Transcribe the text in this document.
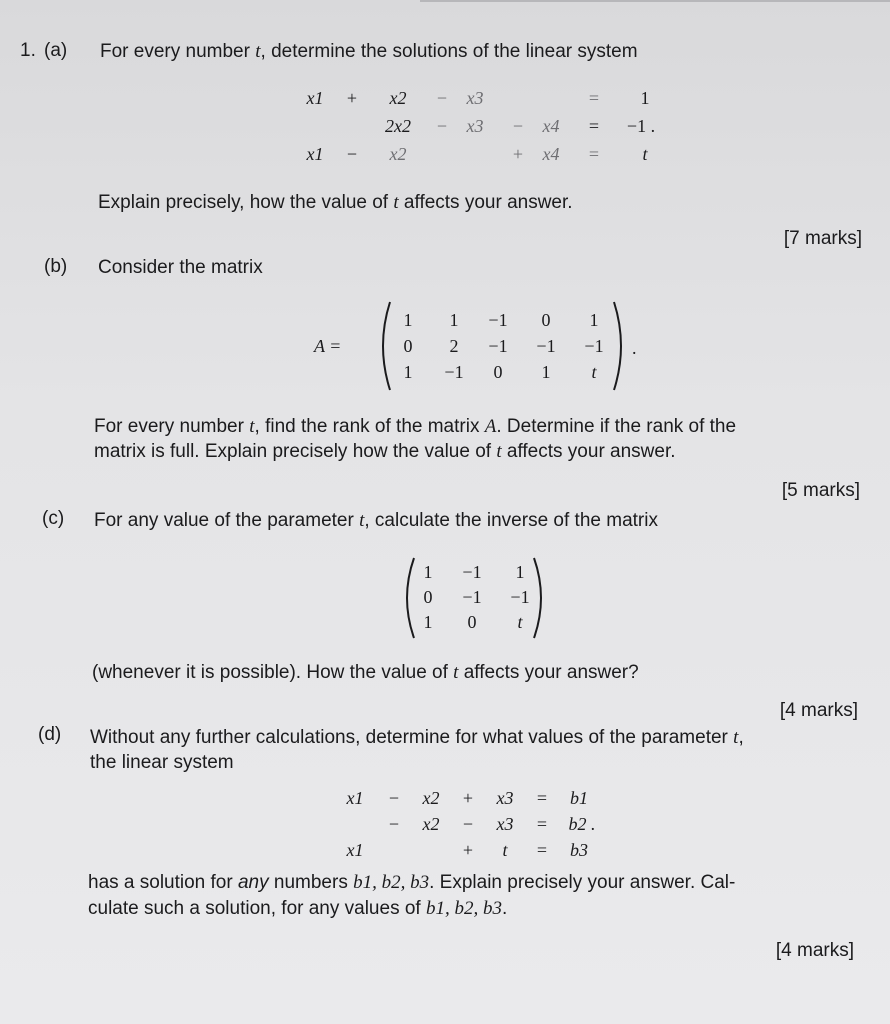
1. (a) For every number t, determine the solutions of the linear system
x1	+	x2	−	x3	=	1
2x2	−	x3	−	x4	=	−1 .
x1	−	x2	+	x4	=	t
Explain precisely, how the value of t affects your answer.
[7 marks]
(b) Consider the matrix
A =
1	1	−1	0	1
0	2	−1	−1	−1
1	−1	0	1	t
.
For every number t, find the rank of the matrix A. Determine if the rank of the
matrix is full. Explain precisely how the value of t affects your answer.
[5 marks]
(c) For any value of the parameter t, calculate the inverse of the matrix
1	−1	1
0	−1	−1
1	0	t
(whenever it is possible). How the value of t affects your answer?
[4 marks]
(d) Without any further calculations, determine for what values of the parameter t,
the linear system
x1	−	x2	+	x3	=	b1
−	x2	−	x3	=	b2 .
x1	+	t	=	b3
has a solution for any numbers b1, b2, b3. Explain precisely your answer. Cal-
culate such a solution, for any values of b1, b2, b3.
[4 marks]
